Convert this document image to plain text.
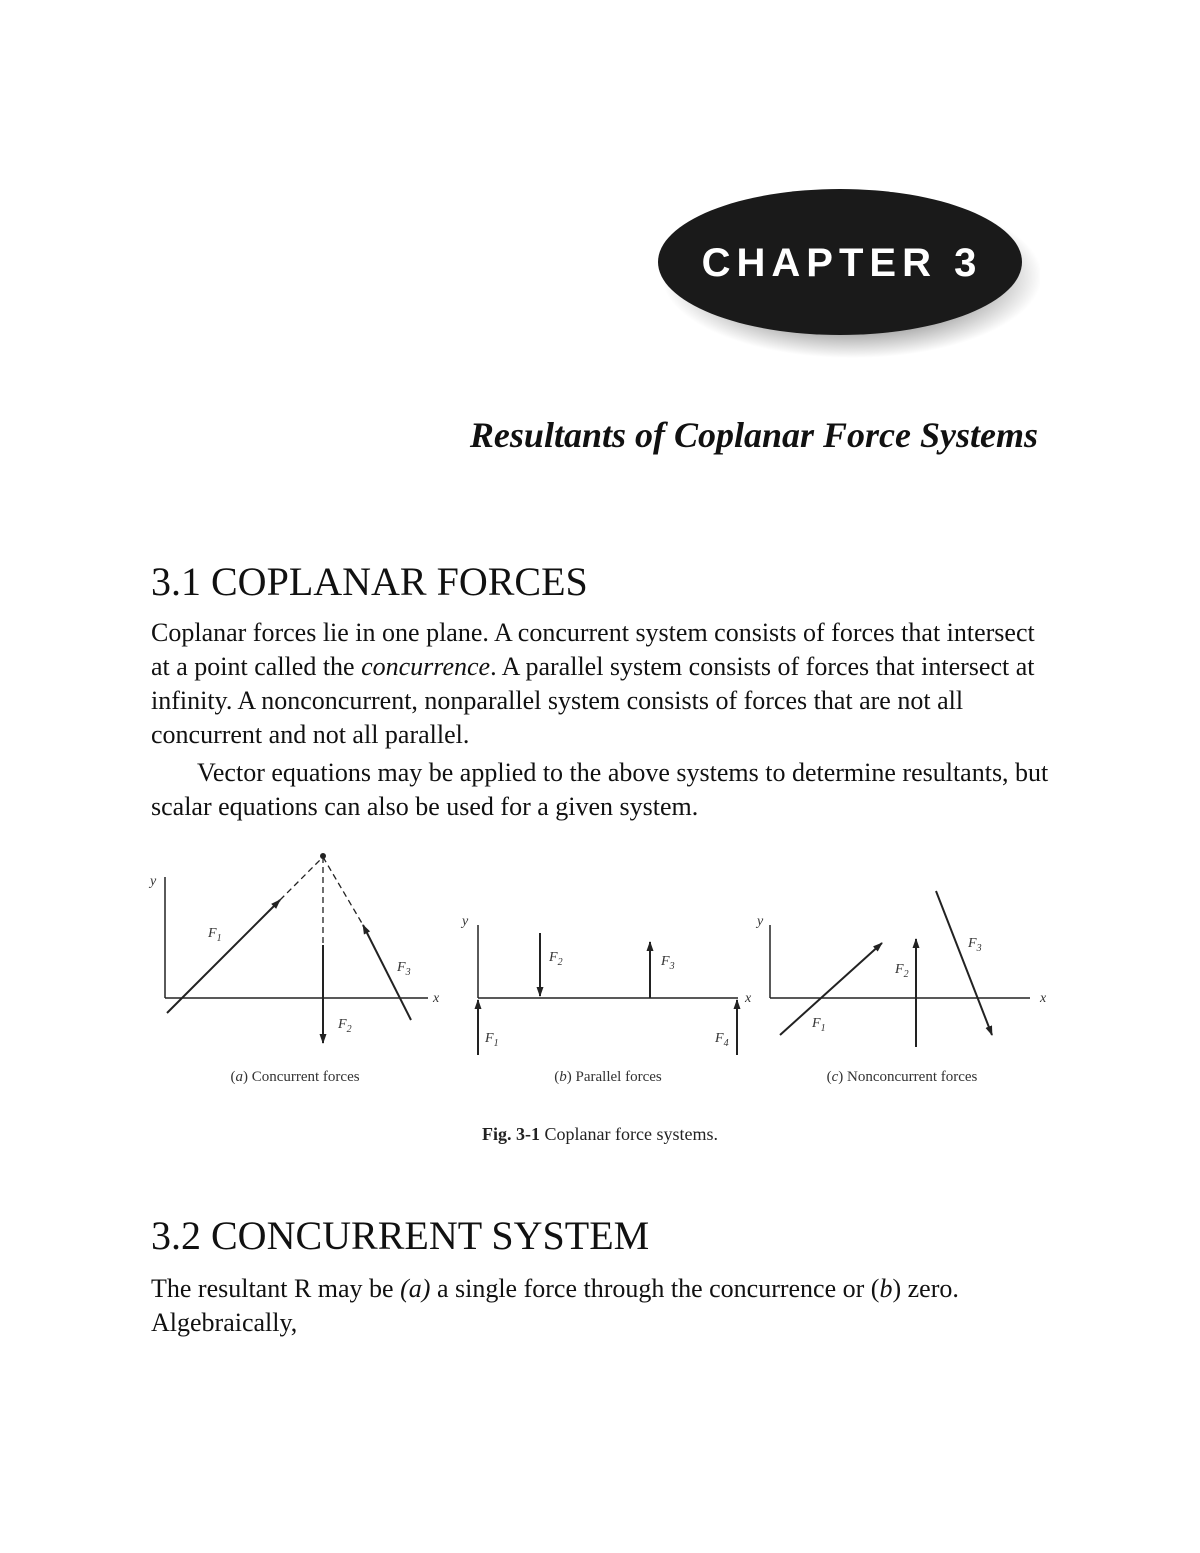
CHAPTER 3
Resultants of Coplanar Force Systems
3.1 COPLANAR FORCES

Coplanar forces lie in one plane. A concurrent system consists of forces that intersect at a point called the concurrence. A parallel system consists of forces that intersect at infinity. A nonconcurrent, nonparallel system consists of forces that are not all concurrent and not all parallel.

Vector equations may be applied to the above systems to determine resultants, but scalar equations can also be used for a given system.

y
x
$F_1$
$F_2$
$F_3$
(a) Concurrent forces
y
x
$F_1$
$F_2$	$F_3$
$F_4$
(b) Parallel forces
y
x
$F_1$
$F_2$
$F_3$
(c) Nonconcurrent forces

Fig. 3-1 Coplanar force systems.

3.2 CONCURRENT SYSTEM

The resultant R may be (a) a single force through the concurrence or (b) zero. Algebraically,
